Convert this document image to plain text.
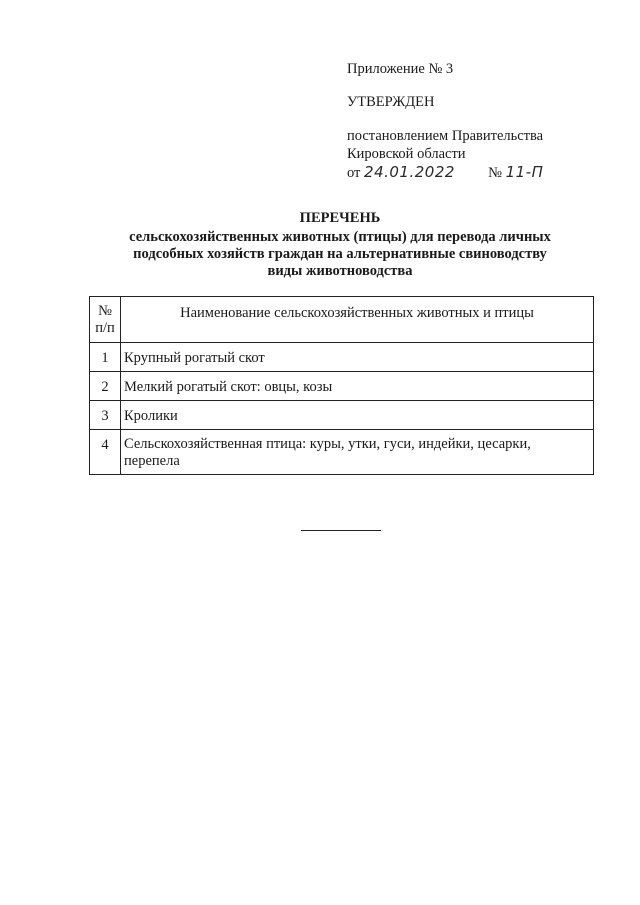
Приложение № 3
УТВЕРЖДЕН
постановлением Правительства
Кировской области
от 24.01.2022 № 11-П
ПЕРЕЧЕНЬ
сельскохозяйственных животных (птицы) для перевода личных
подсобных хозяйств граждан на альтернативные свиноводству
виды животноводства
№
п/п	Наименование сельскохозяйственных животных и птицы
1	Крупный рогатый скот
2	Мелкий рогатый скот: овцы, козы
3	Кролики
4	Сельскохозяйственная птица: куры, утки, гуси, индейки, цесарки, перепела
